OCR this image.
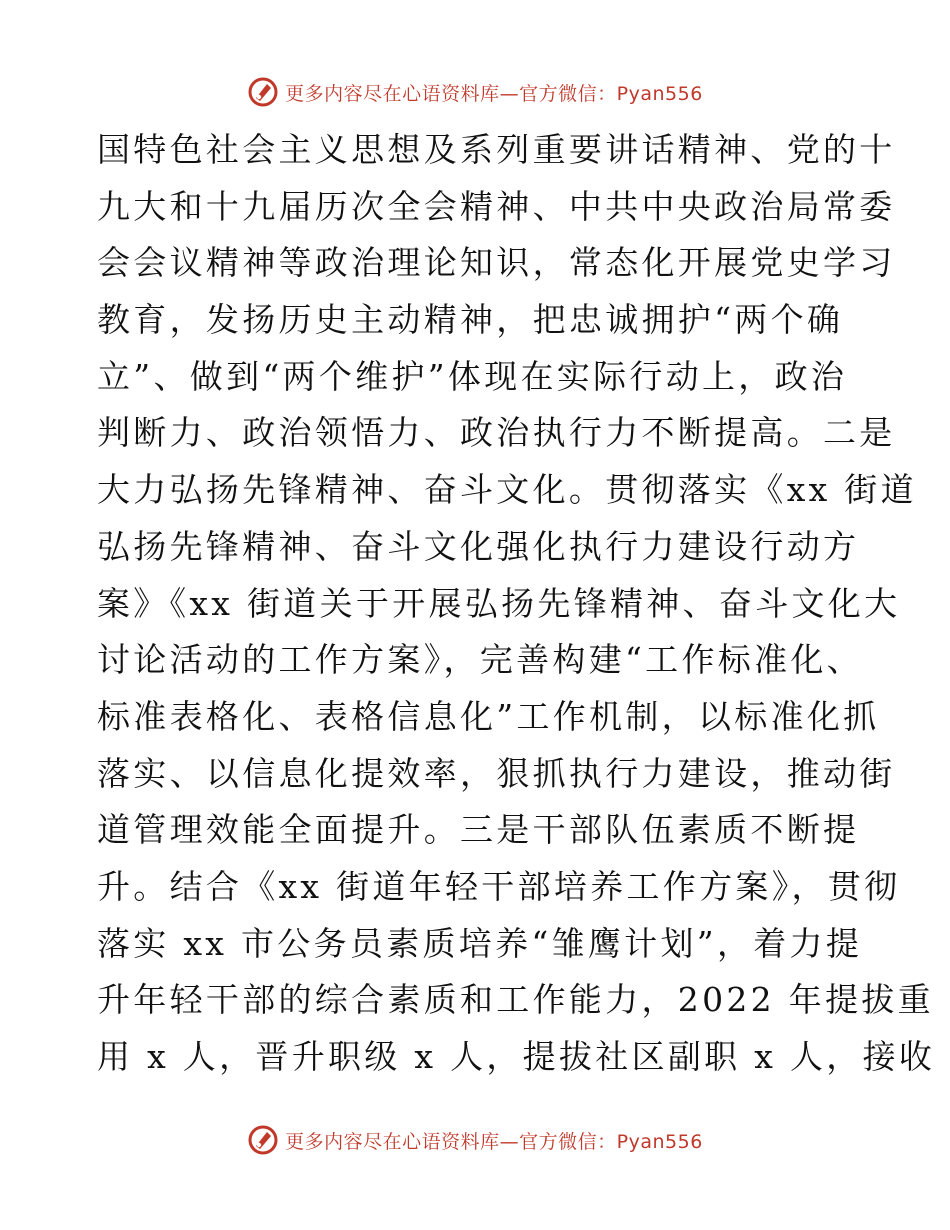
更多内容尽在心语资料库—官方微信：Pyan556
国特色社会主义思想及系列重要讲话精神、党的十
九大和十九届历次全会精神、中共中央政治局常委
会会议精神等政治理论知识，常态化开展党史学习
教育，发扬历史主动精神，把忠诚拥护“两个确
立”、做到“两个维护”体现在实际行动上，政治
判断力、政治领悟力、政治执行力不断提高。二是
大力弘扬先锋精神、奋斗文化。贯彻落实《xx 街道
弘扬先锋精神、奋斗文化强化执行力建设行动方
案》《xx 街道关于开展弘扬先锋精神、奋斗文化大
讨论活动的工作方案》，完善构建“工作标准化、
标准表格化、表格信息化”工作机制，以标准化抓
落实、以信息化提效率，狠抓执行力建设，推动街
道管理效能全面提升。三是干部队伍素质不断提
升。结合《xx 街道年轻干部培养工作方案》，贯彻
落实 xx 市公务员素质培养“雏鹰计划”，着力提
升年轻干部的综合素质和工作能力，2022 年提拔重
用 x 人，晋升职级 x 人，提拔社区副职 x 人，接收
更多内容尽在心语资料库—官方微信：Pyan556
